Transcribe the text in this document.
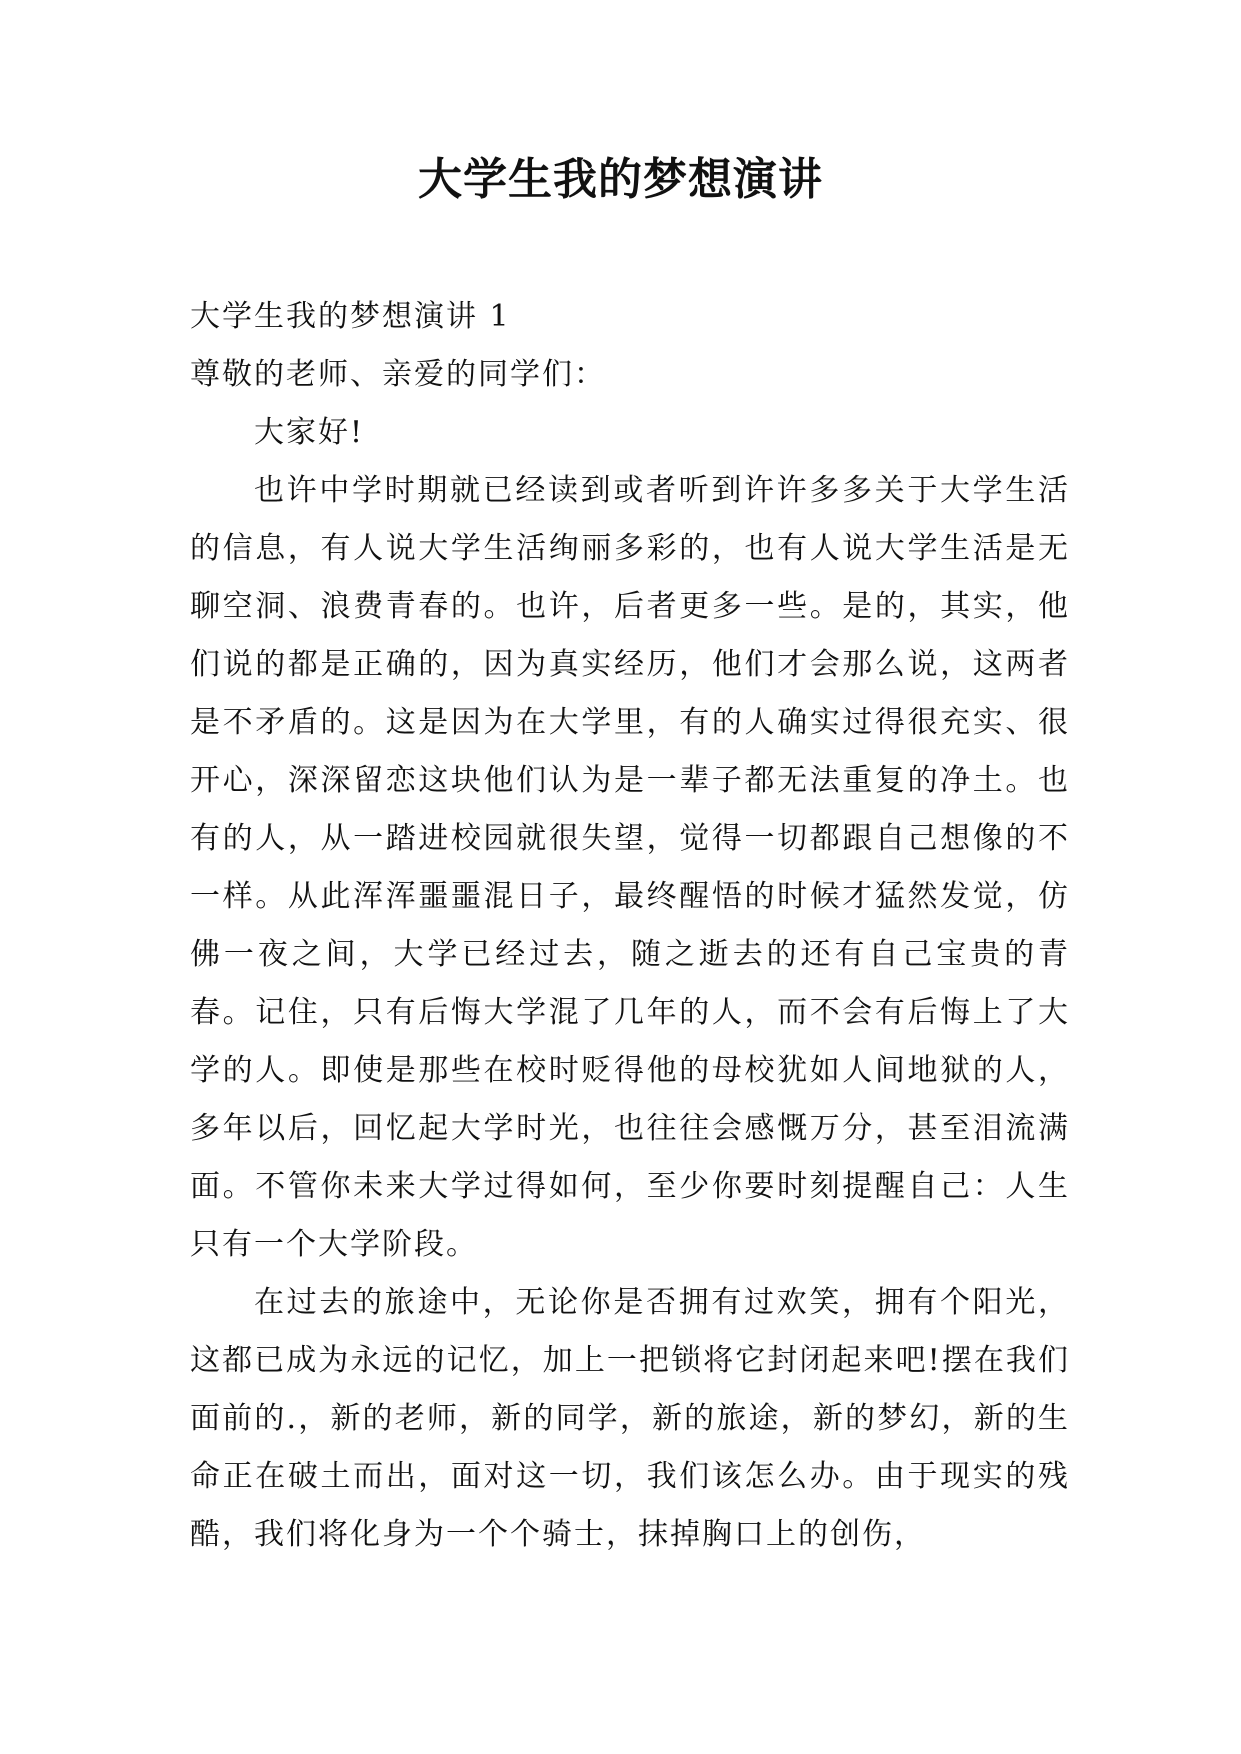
大学生我的梦想演讲

大学生我的梦想演讲 1

尊敬的老师、亲爱的同学们：

大家好!

也许中学时期就已经读到或者听到许许多多关于大学生活的信息，有人说大学生活绚丽多彩的，也有人说大学生活是无聊空洞、浪费青春的。也许，后者更多一些。是的，其实，他们说的都是正确的，因为真实经历，他们才会那么说，这两者是不矛盾的。这是因为在大学里，有的人确实过得很充实、很开心，深深留恋这块他们认为是一辈子都无法重复的净土。也有的人，从一踏进校园就很失望，觉得一切都跟自己想像的不一样。从此浑浑噩噩混日子，最终醒悟的时候才猛然发觉，仿佛一夜之间，大学已经过去，随之逝去的还有自己宝贵的青春。记住，只有后悔大学混了几年的人，而不会有后悔上了大学的人。即使是那些在校时贬得他的母校犹如人间地狱的人，多年以后，回忆起大学时光，也往往会感慨万分，甚至泪流满面。不管你未来大学过得如何，至少你要时刻提醒自己：人生只有一个大学阶段。

在过去的旅途中，无论你是否拥有过欢笑，拥有个阳光，这都已成为永远的记忆，加上一把锁将它封闭起来吧!摆在我们面前的.，新的老师，新的同学，新的旅途，新的梦幻，新的生命正在破土而出，面对这一切，我们该怎么办。由于现实的残酷，我们将化身为一个个骑士，抹掉胸口上的创伤，
